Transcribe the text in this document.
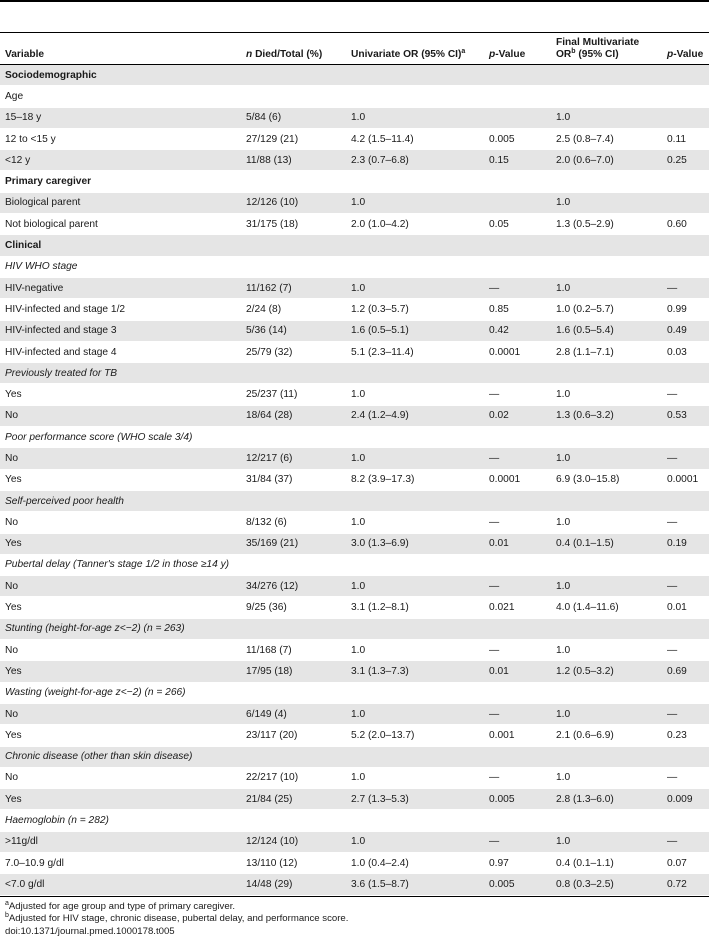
Variable	n Died/Total (%)	Univariate OR (95% CI)$^a$	p-Value	Final Multivariate
$OR^b$ (95% CI)	p-Value
Sociodemographic					
Age					
15–18 y	5/84 (6)	1.0		1.0	
12 to <15 y	27/129 (21)	4.2 (1.5–11.4)	0.005	2.5 (0.8–7.4)	0.11
<12 y	11/88 (13)	2.3 (0.7–6.8)	0.15	2.0 (0.6–7.0)	0.25
Primary caregiver					
Biological parent	12/126 (10)	1.0		1.0	
Not biological parent	31/175 (18)	2.0 (1.0–4.2)	0.05	1.3 (0.5–2.9)	0.60
Clinical					
HIV WHO stage					
HIV-negative	11/162 (7)	1.0	—	1.0	—
HIV-infected and stage 1/2	2/24 (8)	1.2 (0.3–5.7)	0.85	1.0 (0.2–5.7)	0.99
HIV-infected and stage 3	5/36 (14)	1.6 (0.5–5.1)	0.42	1.6 (0.5–5.4)	0.49
HIV-infected and stage 4	25/79 (32)	5.1 (2.3–11.4)	0.0001	2.8 (1.1–7.1)	0.03
Previously treated for TB					
Yes	25/237 (11)	1.0	—	1.0	—
No	18/64 (28)	2.4 (1.2–4.9)	0.02	1.3 (0.6–3.2)	0.53
Poor performance score (WHO scale 3/4)					
No	12/217 (6)	1.0	—	1.0	—
Yes	31/84 (37)	8.2 (3.9–17.3)	0.0001	6.9 (3.0–15.8)	0.0001
Self-perceived poor health					
No	8/132 (6)	1.0	—	1.0	—
Yes	35/169 (21)	3.0 (1.3–6.9)	0.01	0.4 (0.1–1.5)	0.19
Pubertal delay (Tanner's stage 1/2 in those ≥14 y)					
No	34/276 (12)	1.0	—	1.0	—
Yes	9/25 (36)	3.1 (1.2–8.1)	0.021	4.0 (1.4–11.6)	0.01
Stunting (height-for-age z<−2) (n = 263)					
No	11/168 (7)	1.0	—	1.0	—
Yes	17/95 (18)	3.1 (1.3–7.3)	0.01	1.2 (0.5–3.2)	0.69
Wasting (weight-for-age z<−2) (n = 266)					
No	6/149 (4)	1.0	—	1.0	—
Yes	23/117 (20)	5.2 (2.0–13.7)	0.001	2.1 (0.6–6.9)	0.23
Chronic disease (other than skin disease)					
No	22/217 (10)	1.0	—	1.0	—
Yes	21/84 (25)	2.7 (1.3–5.3)	0.005	2.8 (1.3–6.0)	0.009
Haemoglobin (n = 282)					
>11g/dl	12/124 (10)	1.0	—	1.0	—
7.0–10.9 g/dl	13/110 (12)	1.0 (0.4–2.4)	0.97	0.4 (0.1–1.1)	0.07
<7.0 g/dl	14/48 (29)	3.6 (1.5–8.7)	0.005	0.8 (0.3–2.5)	0.72
$^a$Adjusted for age group and type of primary caregiver.
$^b$Adjusted for HIV stage, chronic disease, pubertal delay, and performance score.
doi:10.1371/journal.pmed.1000178.t005
